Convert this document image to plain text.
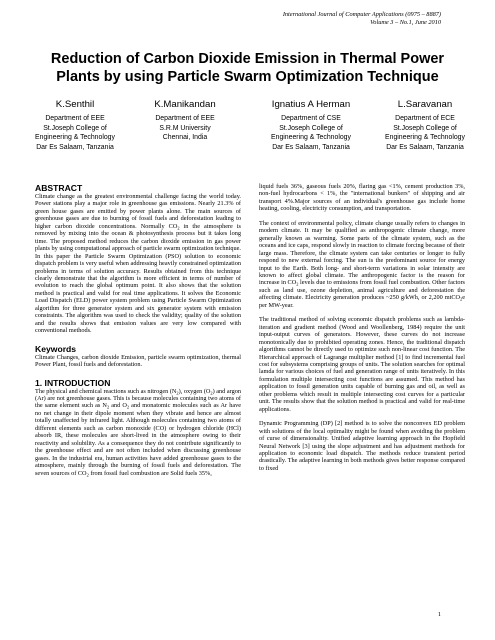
International Journal of Computer Applications (0975 – 8887)
Volume 3 – No.1, June 2010
Reduction of Carbon Dioxide Emission in Thermal Power
Plants by using Particle Swarm Optimization Technique
K.Senthil
Department of EEE
St.Joseph College of
Engineering & Technology
Dar Es Salaam, Tanzania
K.Manikandan
Department of EEE
S.R.M University
Chennai, India
Ignatius A Herman
Department of CSE
St.Joseph College of
Engineering & Technology
Dar Es Salaam, Tanzania
L.Saravanan
Department of ECE
St.Joseph College of
Engineering & Technology
Dar Es Salaam, Tanzania
ABSTRACT

Climate change as the greatest environmental challenge facing the world today. Power stations play a major role in greenhouse gas emissions. Nearly 21.3% of green house gases are emitted by power plants alone. The main sources of greenhouse gases are due to burning of fossil fuels and deforestation leading to higher carbon dioxide concentrations. Normally $CO_2$ in the atmosphere is removed by mixing into the ocean & photosynthesis process but it takes long time. The proposed method reduces the carbon dioxide emission in gas power plants by using computational approach of particle swarm optimization technique. In this paper the Particle Swarm Optimization (PSO) solution to economic dispatch problem is very useful when addressing heavily constrained optimization problems in terms of solution accuracy. Results obtained from this technique clearly demonstrate that the algorithm is more efficient in terms of number of evolution to reach the global optimum point. It also shows that the solution method is practical and valid for real time applications. It solves the Economic Load Dispatch (ELD) power system problem using Particle Swarm Optimization algorithm for three generator system and six generator system with emission constraints. The algorithm was used to check the validity; quality of the solution and the results shows that emission values are very low compared with conventional methods.

Keywords

Climate Changes, carbon dioxide Emission, particle swarm optimization, thermal Power Plant, fossil fuels and deforestation.

1. INTRODUCTION

The physical and chemical reactions such as nitrogen $(N_2)$, oxygen $(O_2)$ and argon (Ar) are not greenhouse gases. This is because molecules containing two atoms of the same element such as $N_2$ and $O_2$ and monatomic molecules such as Ar have no net change in their dipole moment when they vibrate and hence are almost totally unaffected by infrared light. Although molecules containing two atoms of different elements such as carbon monoxide (CO) or hydrogen chloride (HCl) absorb IR, these molecules are short-lived in the atmosphere owing to their reactivity and solubility. As a consequence they do not contribute significantly to the greenhouse effect and are not often included when discussing greenhouse gases. In the industrial era, human activities have added greenhouse gases to the atmosphere, mainly through the burning of fossil fuels and deforestation. The seven sources of $CO_2$ from fossil fuel combustion are Solid fuels 35%,

liquid fuels 36%, gaseous fuels 20%, flaring gas <1%, cement production 3%, non-fuel hydrocarbons < 1%, the "international bunkers" of shipping and air transport 4%.Major sources of an individual's greenhouse gas include home heating, cooling, electricity consumption, and transportation.

The context of environmental policy, climate change usually refers to changes in modern climate. It may be qualified as anthropogenic climate change, more generally known as warming. Some parts of the climate system, such as the oceans and ice caps, respond slowly in reaction to climate forcing because of their large mass. Therefore, the climate system can take centuries or longer to fully respond to new external forcing. The sun is the predominant source for energy input to the Earth. Both long- and short-term variations in solar intensity are known to affect global climate. The anthropogenic factor is the reason for increase in $CO_2$ levels due to emissions from fossil fuel combustion. Other factors such as land use, ozone depletion, animal agriculture and deforestation the affecting climate. Electricity generation produces ~250 g/kWh, or 2,200 mtCO$_2$e per MW-year.

The traditional method of solving economic dispatch problems such as lambda-iteration and gradient method (Wood and Woollenberg, 1984) require the unit input-output curves of generators. However, these curves do not increase monotonically due to prohibited operating zones. Hence, the traditional dispatch algorithms cannot be directly used to optimize such non-linear cost function. The Hierarchical approach of Lagrange multiplier method [1] to find incremental fuel cost for subsystems comprising groups of units. The solution searches for optimal lamda for various choices of fuel and generation range of units iteratively. In this formulation multiple intersecting cost functions are assumed. This method has application to fossil generation units capable of burning gas and oil, as well as other problems which result in multiple intersecting cost curves for a particular unit. The results show that the solution method is practical and valid for real-time applications.

Dynamic Programming (DP) [2] method is to solve the nonconvex ED problem with solutions of the local optimality might be found when avoiding the problem of curse of dimensionality. Unified adaptive learning approach in the Hopfield Neural Network [3] using the slope adjustment and has adjustment methods for application to economic load dispatch. The methods reduce transient period drastically. The adaptive learning in both methods gives better response compared to fixed

1
